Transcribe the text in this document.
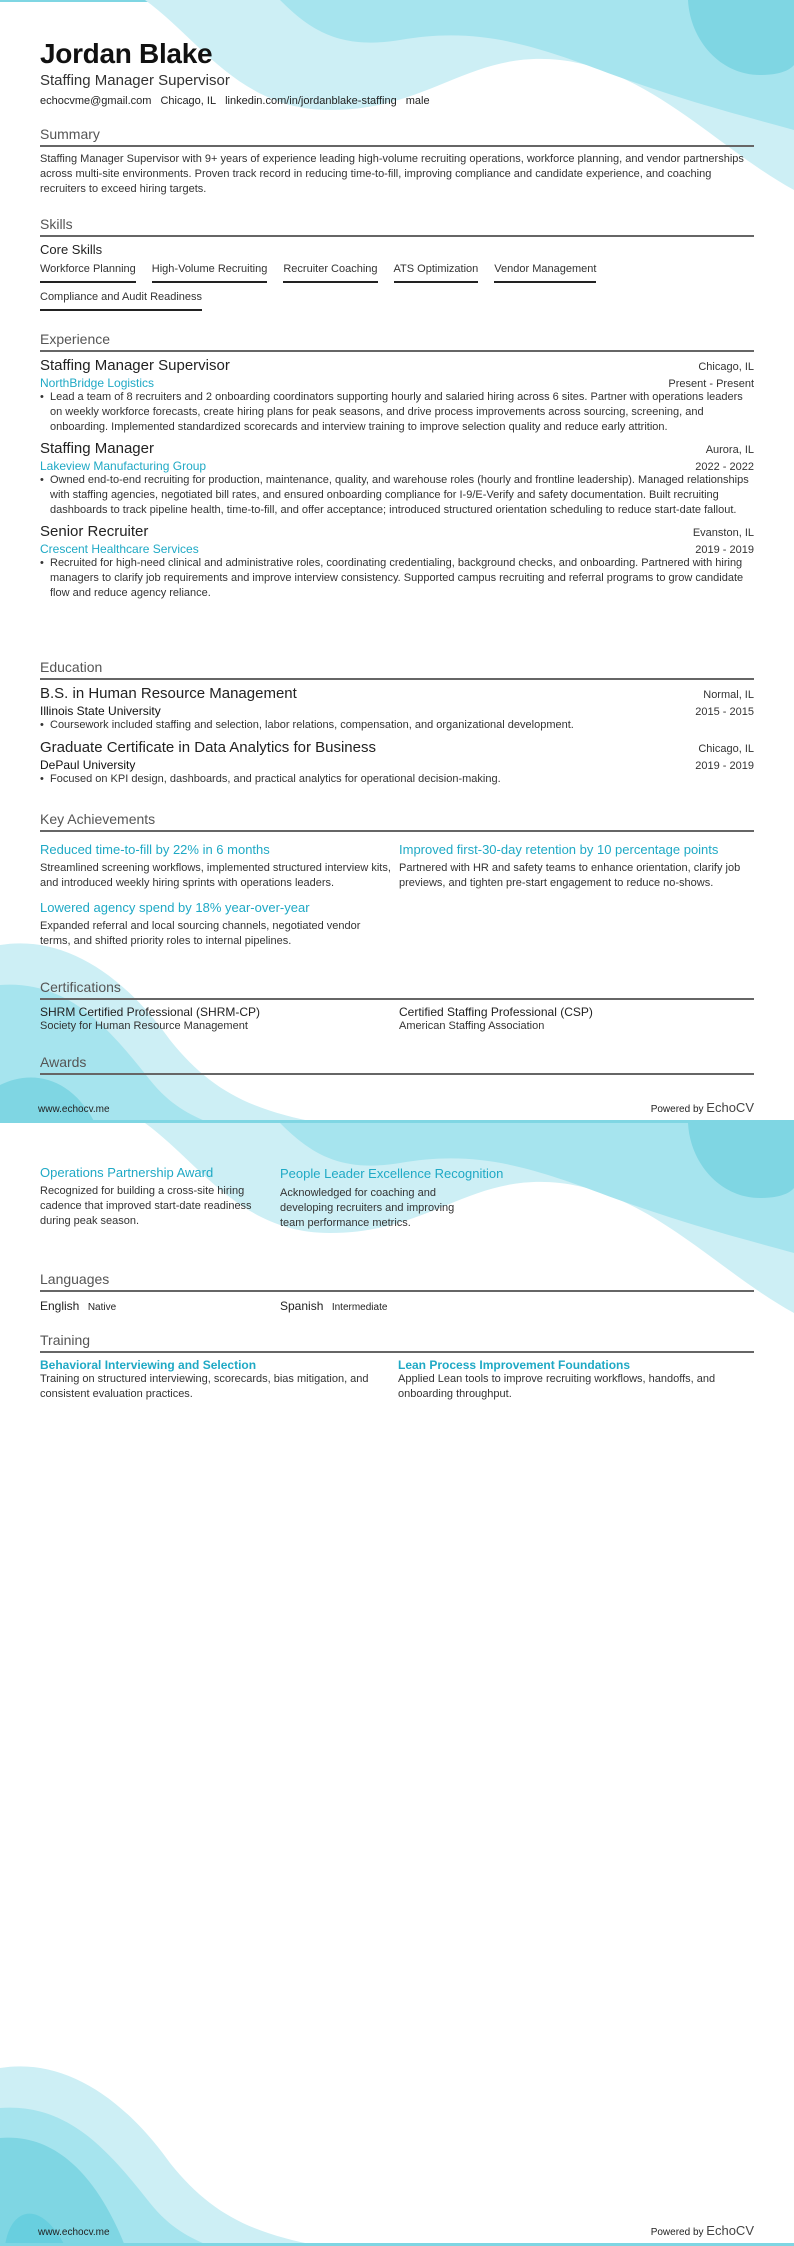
Jordan Blake
Staffing Manager Supervisor
echocvme@gmail.com Chicago, IL linkedin.com/in/jordanblake-staffing male
Summary
Staffing Manager Supervisor with 9+ years of experience leading high-volume recruiting operations, workforce planning, and vendor partnerships across multi-site environments. Proven track record in reducing time-to-fill, improving compliance and candidate experience, and coaching recruiters to exceed hiring targets.
Skills
Core Skills
Workforce Planning High-Volume Recruiting Recruiter Coaching ATS Optimization Vendor Management
Compliance and Audit Readiness
Experience
Staffing Manager Supervisor	Chicago, IL
NorthBridge Logistics	Present - Present
• Lead a team of 8 recruiters and 2 onboarding coordinators supporting hourly and salaried hiring across 6 sites. Partner with operations leaders on weekly workforce forecasts, create hiring plans for peak seasons, and drive process improvements across sourcing, screening, and onboarding. Implemented standardized scorecards and interview training to improve selection quality and reduce early attrition.
Staffing Manager	Aurora, IL
Lakeview Manufacturing Group	2022 - 2022
• Owned end-to-end recruiting for production, maintenance, quality, and warehouse roles (hourly and frontline leadership). Managed relationships with staffing agencies, negotiated bill rates, and ensured onboarding compliance for I-9/E-Verify and safety documentation. Built recruiting dashboards to track pipeline health, time-to-fill, and offer acceptance; introduced structured orientation scheduling to reduce start-date fallout.
Senior Recruiter	Evanston, IL
Crescent Healthcare Services	2019 - 2019
• Recruited for high-need clinical and administrative roles, coordinating credentialing, background checks, and onboarding. Partnered with hiring managers to clarify job requirements and improve interview consistency. Supported campus recruiting and referral programs to grow candidate flow and reduce agency reliance.
Education
B.S. in Human Resource Management	Normal, IL
Illinois State University	2015 - 2015
• Coursework included staffing and selection, labor relations, compensation, and organizational development.
Graduate Certificate in Data Analytics for Business	Chicago, IL
DePaul University	2019 - 2019
• Focused on KPI design, dashboards, and practical analytics for operational decision-making.
Key Achievements
Reduced time-to-fill by 22% in 6 months
Streamlined screening workflows, implemented structured interview kits, and introduced weekly hiring sprints with operations leaders.
Improved first-30-day retention by 10 percentage points
Partnered with HR and safety teams to enhance orientation, clarify job previews, and tighten pre-start engagement to reduce no-shows.
Lowered agency spend by 18% year-over-year
Expanded referral and local sourcing channels, negotiated vendor terms, and shifted priority roles to internal pipelines.
Certifications
SHRM Certified Professional (SHRM-CP)
Society for Human Resource Management
Certified Staffing Professional (CSP)
American Staffing Association
Awards
www.echocv.me	Powered by EchoCV
Operations Partnership Award
Recognized for building a cross-site hiring cadence that improved start-date readiness during peak season.
People Leader Excellence Recognition
Acknowledged for coaching and developing recruiters and improving team performance metrics.
Languages
English Native	Spanish Intermediate
Training
Behavioral Interviewing and Selection
Training on structured interviewing, scorecards, bias mitigation, and consistent evaluation practices.
Lean Process Improvement Foundations
Applied Lean tools to improve recruiting workflows, handoffs, and onboarding throughput.
www.echocv.me	Powered by EchoCV
